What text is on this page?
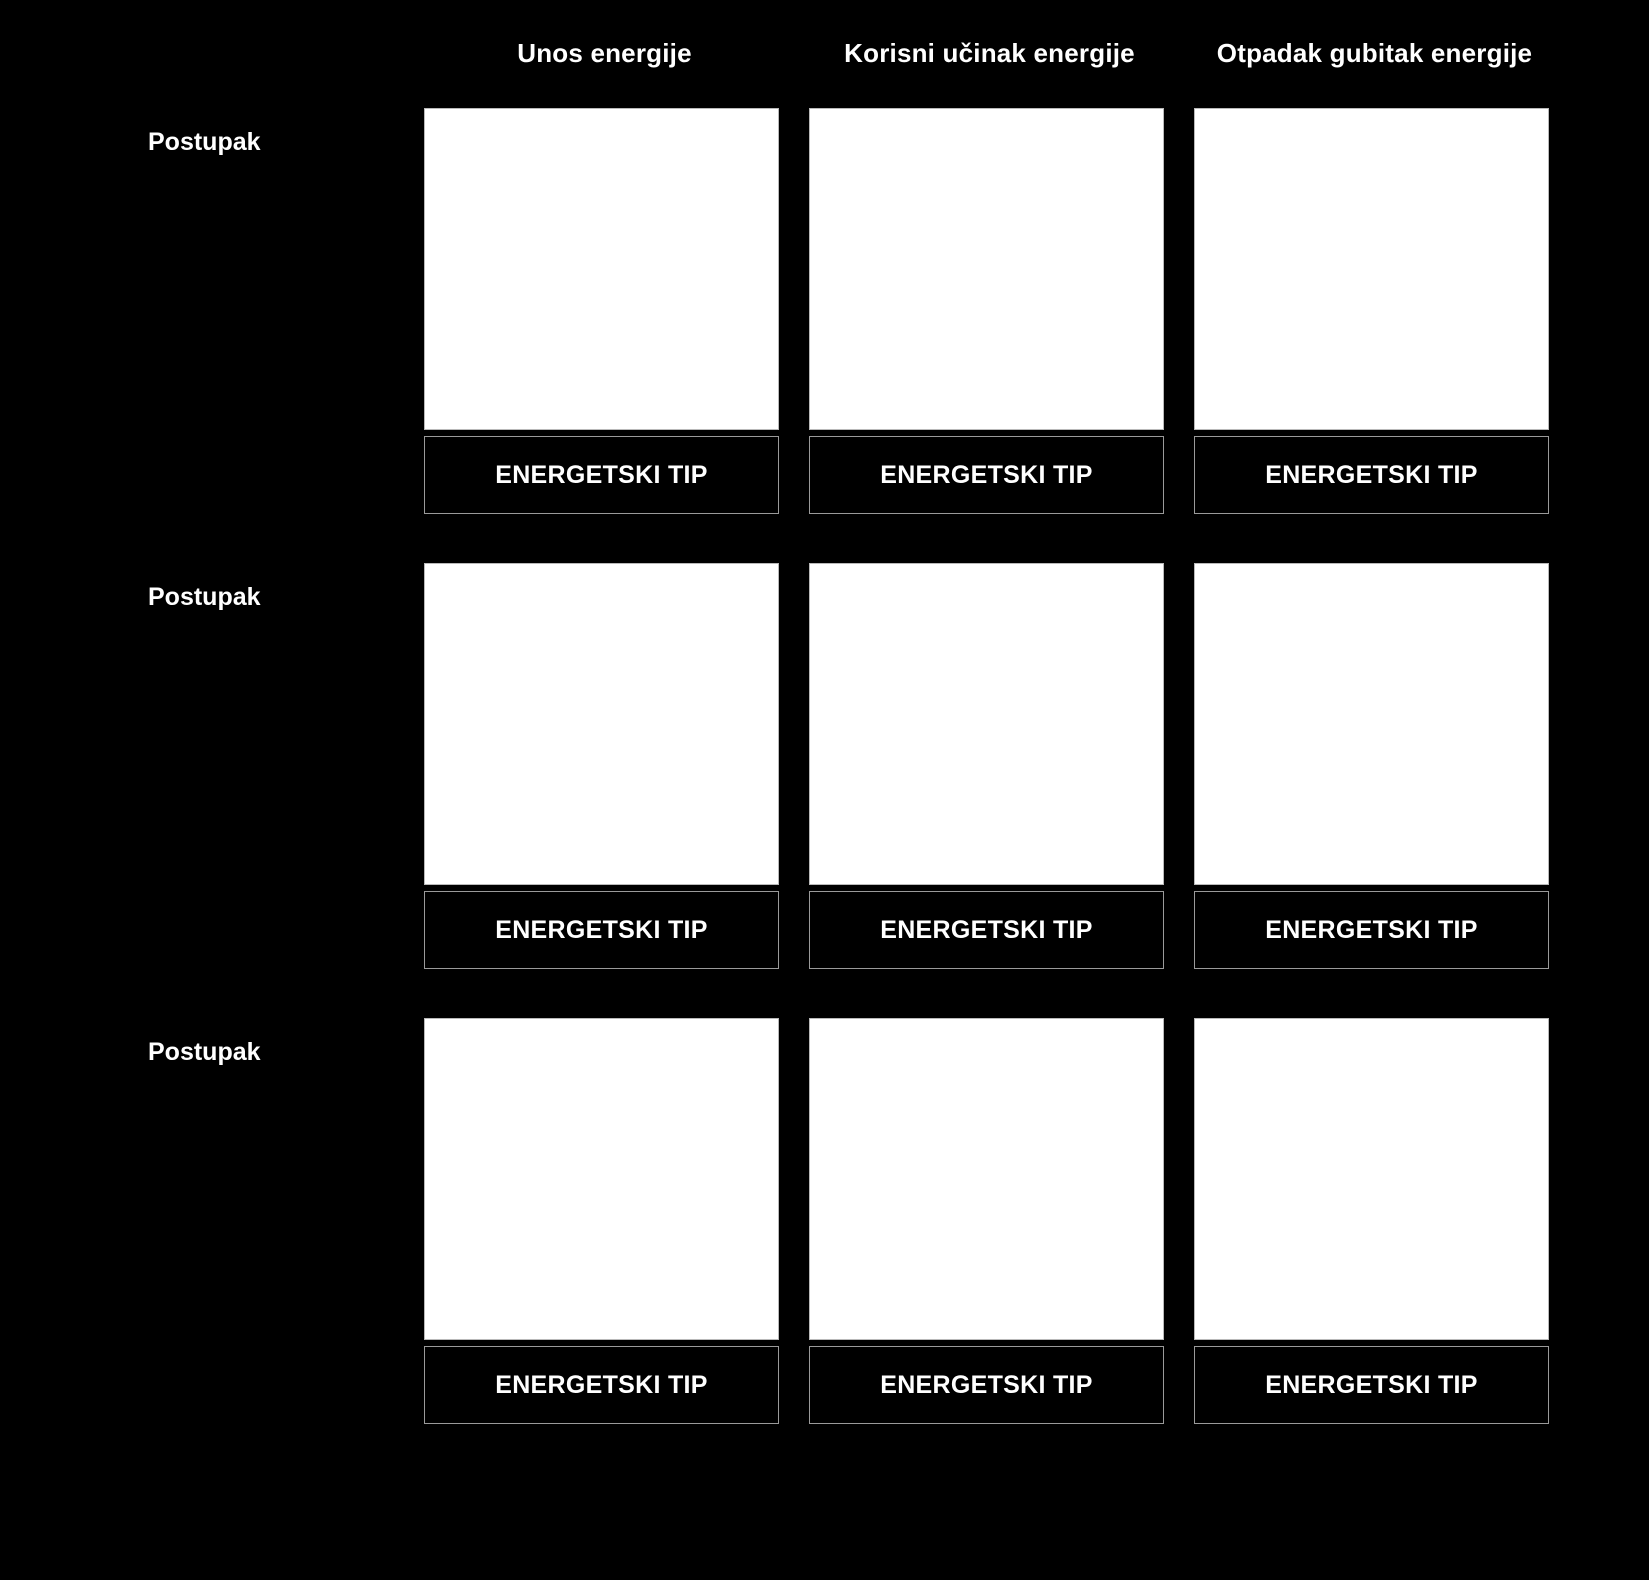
Unos energije	Korisni učinak energije	Otpadak gubitak energije
Postupak
ENERGETSKI TIP	ENERGETSKI TIP	ENERGETSKI TIP
Postupak
ENERGETSKI TIP	ENERGETSKI TIP	ENERGETSKI TIP
Postupak
ENERGETSKI TIP	ENERGETSKI TIP	ENERGETSKI TIP
